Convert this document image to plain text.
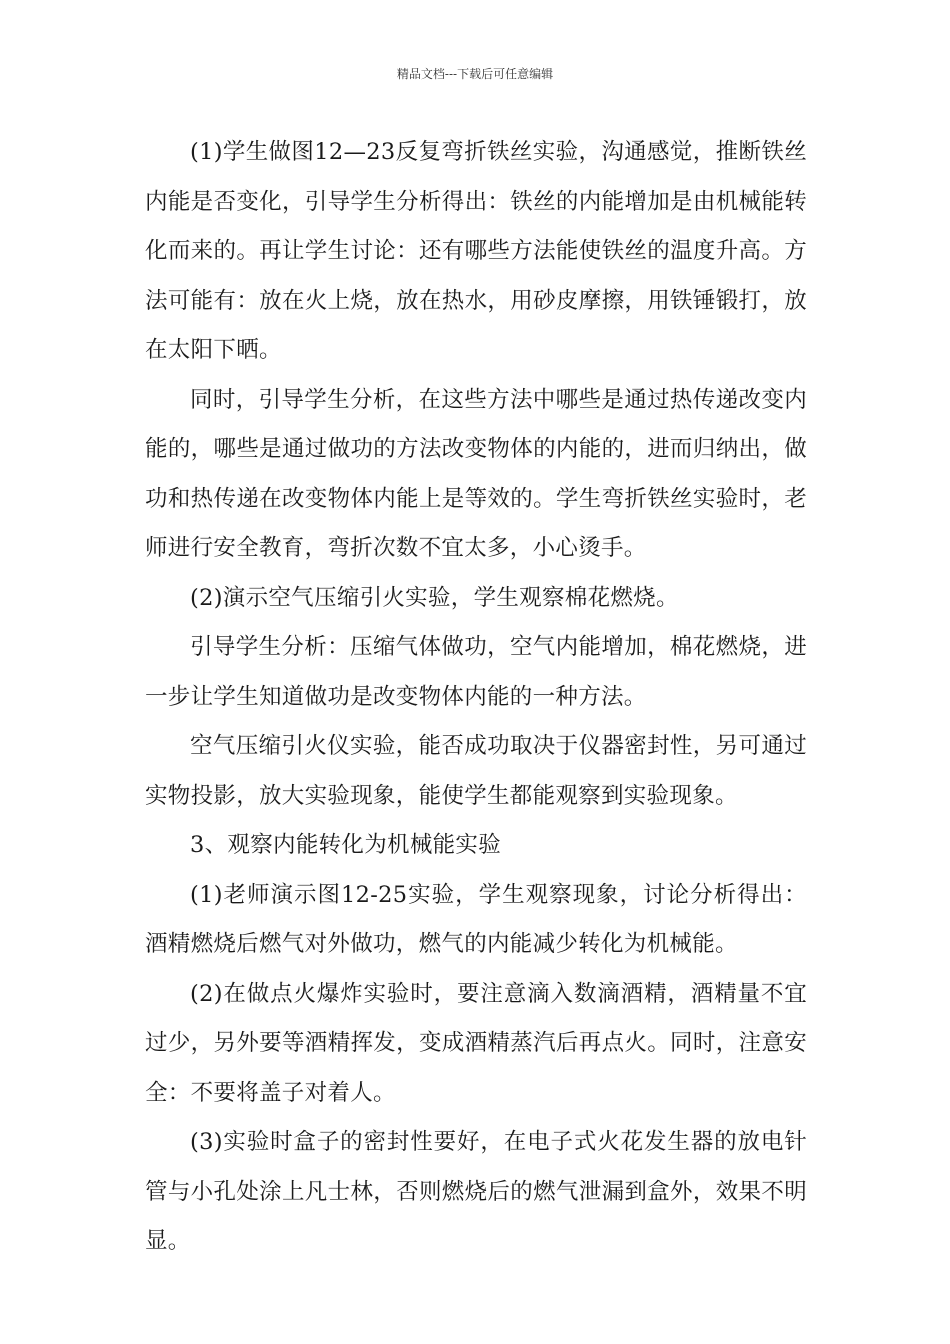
精品文档---下载后可任意编辑

(1)学生做图12—23反复弯折铁丝实验，沟通感觉，推断铁丝内能是否变化，引导学生分析得出：铁丝的内能增加是由机械能转化而来的。再让学生讨论：还有哪些方法能使铁丝的温度升高。方法可能有：放在火上烧，放在热水，用砂皮摩擦，用铁锤锻打，放在太阳下晒。

同时，引导学生分析，在这些方法中哪些是通过热传递改变内能的，哪些是通过做功的方法改变物体的内能的，进而归纳出，做功和热传递在改变物体内能上是等效的。学生弯折铁丝实验时，老师进行安全教育，弯折次数不宜太多，小心烫手。

(2)演示空气压缩引火实验，学生观察棉花燃烧。

引导学生分析：压缩气体做功，空气内能增加，棉花燃烧，进一步让学生知道做功是改变物体内能的一种方法。

空气压缩引火仪实验，能否成功取决于仪器密封性，另可通过实物投影，放大实验现象，能使学生都能观察到实验现象。

3、观察内能转化为机械能实验

(1)老师演示图12-25实验，学生观察现象，讨论分析得出：酒精燃烧后燃气对外做功，燃气的内能减少转化为机械能。

(2)在做点火爆炸实验时，要注意滴入数滴酒精，酒精量不宜过少，另外要等酒精挥发，变成酒精蒸汽后再点火。同时，注意安全：不要将盖子对着人。

(3)实验时盒子的密封性要好，在电子式火花发生器的放电针管与小孔处涂上凡士林，否则燃烧后的燃气泄漏到盒外，效果不明显。
